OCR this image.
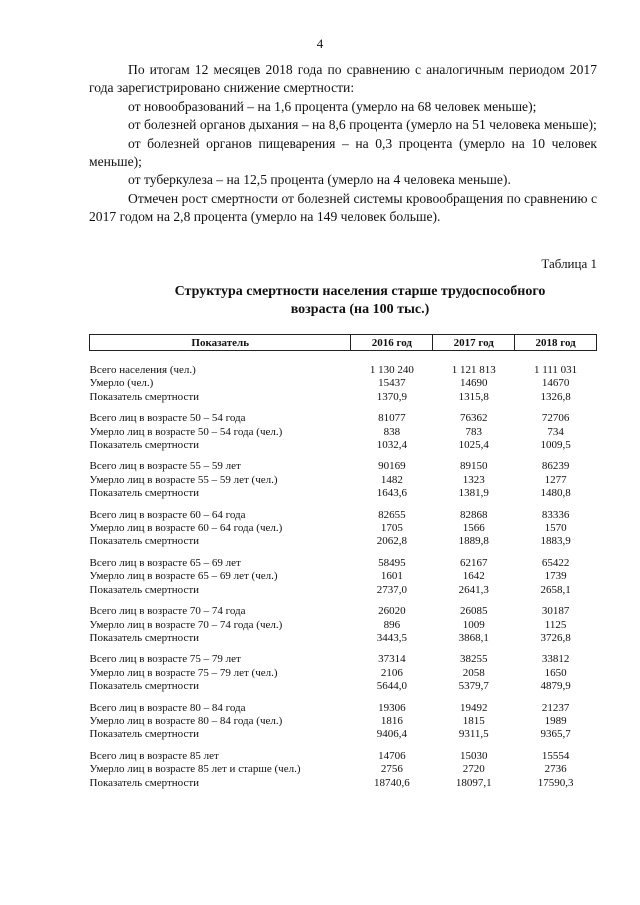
4

По итогам 12 месяцев 2018 года по сравнению с аналогичным периодом 2017 года зарегистрировано снижение смертности:

от новообразований – на 1,6 процента (умерло на 68 человек меньше);

от болезней органов дыхания – на 8,6 процента (умерло на 51 человека меньше);

от болезней органов пищеварения – на 0,3 процента (умерло на 10 человек меньше);

от туберкулеза – на 12,5 процента (умерло на 4 человека меньше).

Отмечен рост смертности от болезней системы кровообращения по сравнению с 2017 годом на 2,8 процента (умерло на 149 человек больше).

Таблица 1
Структура смертности населения старше трудоспособного возраста (на 100 тыс.)
Показатель	2016 год	2017 год	2018 год

Всего населения (чел.)	1 130 240	1 121 813	1 111 031
Умерло (чел.)	15437	14690	14670
Показатель смертности	1370,9	1315,8	1326,8

Всего лиц в возрасте 50 – 54 года	81077	76362	72706
Умерло лиц в возрасте 50 – 54 года (чел.)	838	783	734
Показатель смертности	1032,4	1025,4	1009,5

Всего лиц в возрасте 55 – 59 лет	90169	89150	86239
Умерло лиц в возрасте 55 – 59 лет (чел.)	1482	1323	1277
Показатель смертности	1643,6	1381,9	1480,8

Всего лиц в возрасте 60 – 64 года	82655	82868	83336
Умерло лиц в возрасте 60 – 64 года (чел.)	1705	1566	1570
Показатель смертности	2062,8	1889,8	1883,9

Всего лиц в возрасте 65 – 69 лет	58495	62167	65422
Умерло лиц в возрасте 65 – 69 лет (чел.)	1601	1642	1739
Показатель смертности	2737,0	2641,3	2658,1

Всего лиц в возрасте 70 – 74 года	26020	26085	30187
Умерло лиц в возрасте 70 – 74 года (чел.)	896	1009	1125
Показатель смертности	3443,5	3868,1	3726,8

Всего лиц в возрасте 75 – 79 лет	37314	38255	33812
Умерло лиц в возрасте 75 – 79 лет (чел.)	2106	2058	1650
Показатель смертности	5644,0	5379,7	4879,9

Всего лиц в возрасте 80 – 84 года	19306	19492	21237
Умерло лиц в возрасте 80 – 84 года (чел.)	1816	1815	1989
Показатель смертности	9406,4	9311,5	9365,7

Всего лиц в возрасте 85 лет	14706	15030	15554
Умерло лиц в возрасте 85 лет и старше (чел.)	2756	2720	2736
Показатель смертности	18740,6	18097,1	17590,3
